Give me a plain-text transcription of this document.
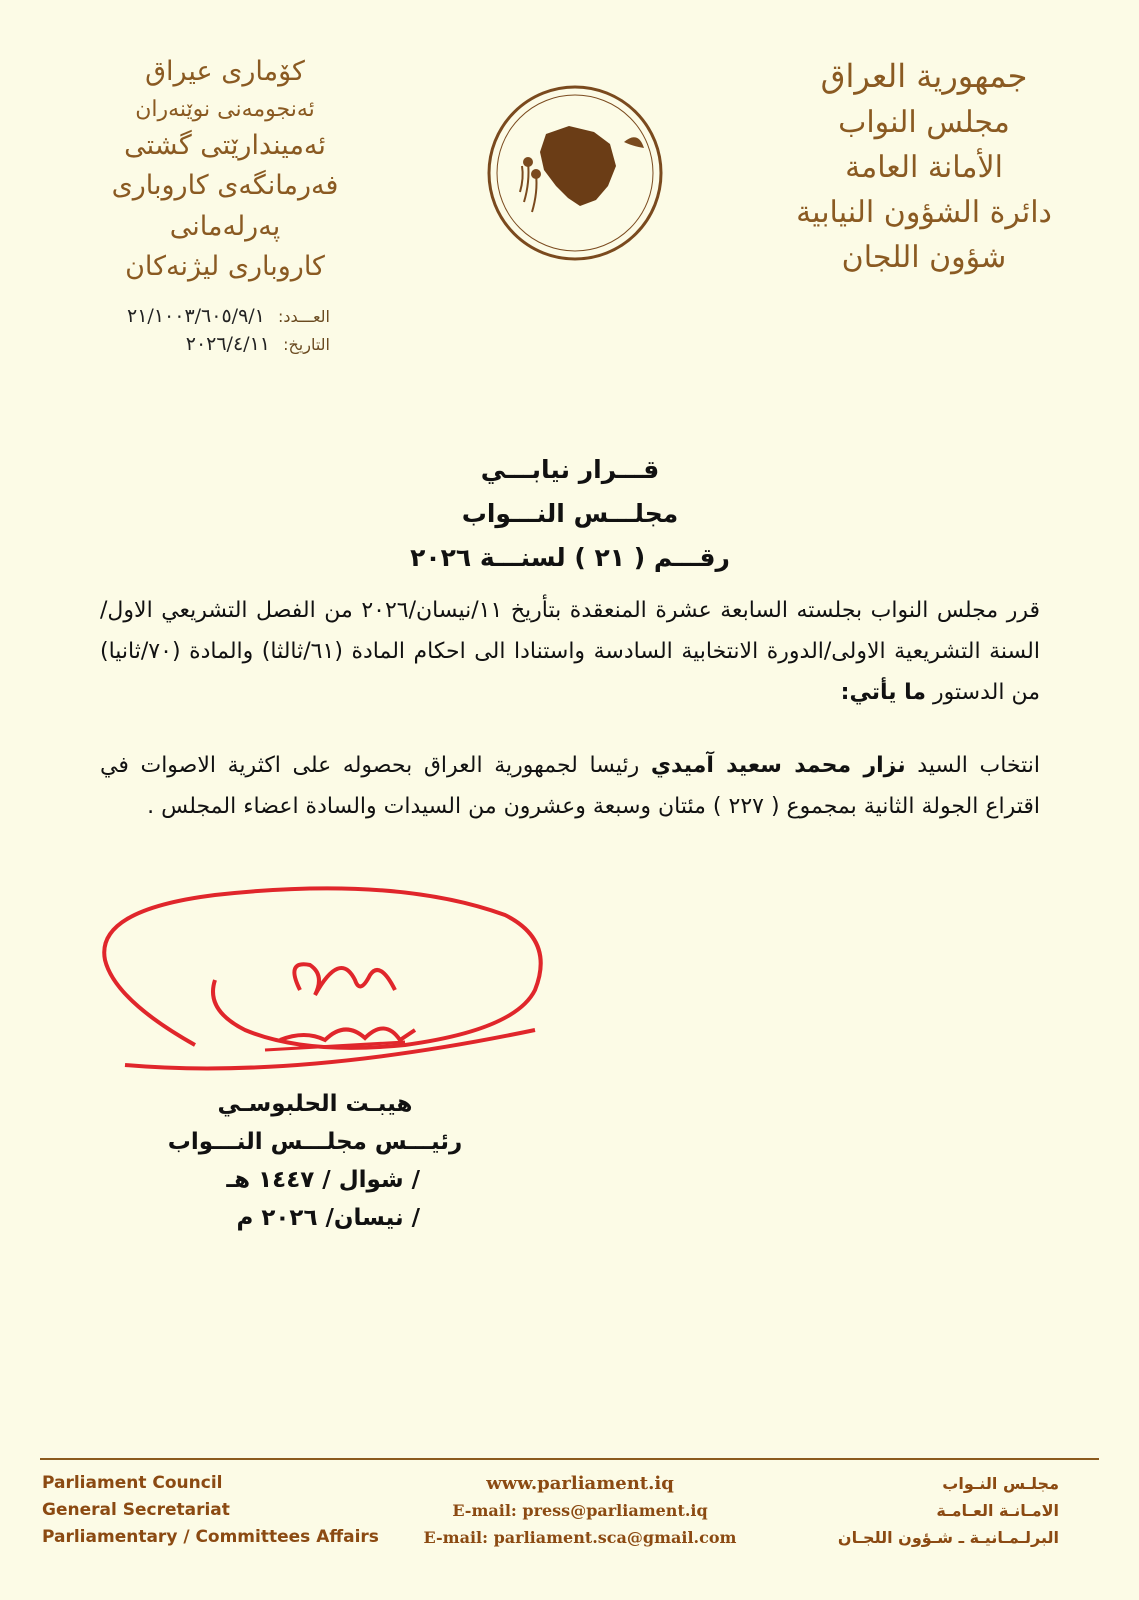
جمهورية العراق
مجلس النواب
الأمانة العامة
دائرة الشؤون النيابية
شؤون اللجان
كۆماری عیراق
ئەنجومەنی نوێنەران
ئەمیندارێتی گشتی
فەرمانگەی كاروباری پەرلەمانی
كاروباری لیژنەكان
العـــدد: ٢١/١٠٠٣/٦٠٥/٩/١
التاريخ: ٢٠٢٦/٤/١١
قـــرار نيابـــي
مجلـــس النـــواب
رقـــم ( ٢١ ) لسنـــة ٢٠٢٦
قرر مجلس النواب بجلسته السابعة عشرة المنعقدة بتأريخ ١١/نيسان/٢٠٢٦ من الفصل التشريعي الاول/السنة التشريعية الاولى/الدورة الانتخابية السادسة واستنادا الى احكام المادة (٦١/ثالثا) والمادة (٧٠/ثانيا) من الدستور ما يأتي:
انتخاب السيد نزار محمد سعيد آميدي رئيسا لجمهورية العراق بحصوله على اكثرية الاصوات في اقتراع الجولة الثانية بمجموع ( ٢٢٧ ) مئتان وسبعة وعشرون من السيدات والسادة اعضاء المجلس .
هيبـت الحلبوسـي
رئيـــس مجلـــس النـــواب
/ شوال / ١٤٤٧ هـ
/ نيسان/ ٢٠٢٦ م
Parliament Council
General Secretariat
Parliamentary / Committees Affairs
www.parliament.iq
E-mail: press@parliament.iq
E-mail: parliament.sca@gmail.com
مجلـس النـواب
الامـانـة العـامـة
البرلـمـانيـة ـ شـؤون اللجـان
